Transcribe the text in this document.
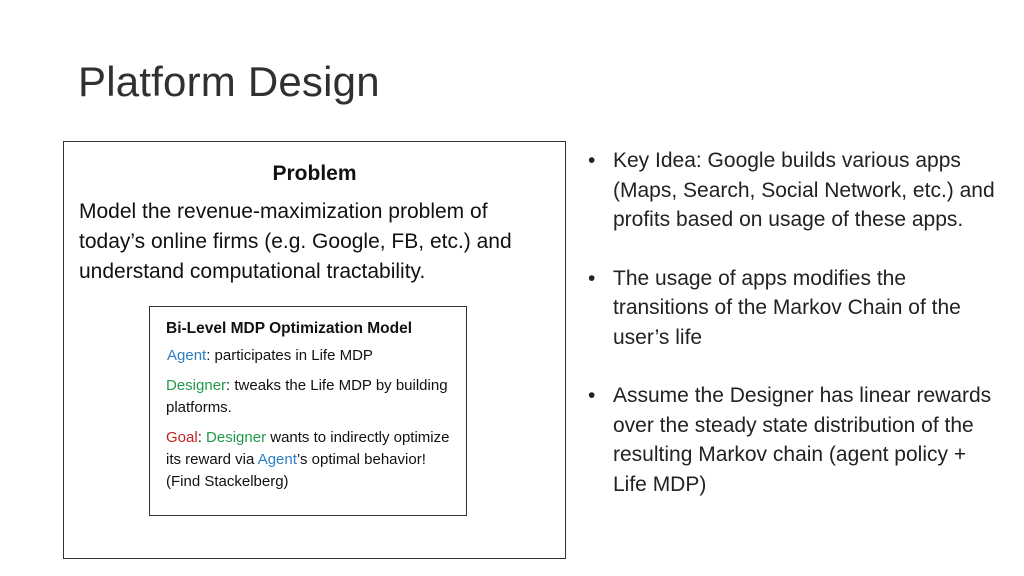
Platform Design
Problem
Model the revenue-maximization problem of today’s online firms (e.g. Google, FB, etc.) and understand computational tractability.
Bi-Level MDP Optimization Model
Agent: participates in Life MDP
Designer: tweaks the Life MDP by building platforms.
Goal: Designer wants to indirectly optimize its reward via Agent’s optimal behavior! (Find Stackelberg)
• Key Idea: Google builds various apps (Maps, Search, Social Network, etc.) and profits based on usage of these apps.
• The usage of apps modifies the transitions of the Markov Chain of the user’s life
• Assume the Designer has linear rewards over the steady state distribution of the resulting Markov chain (agent policy + Life MDP)
